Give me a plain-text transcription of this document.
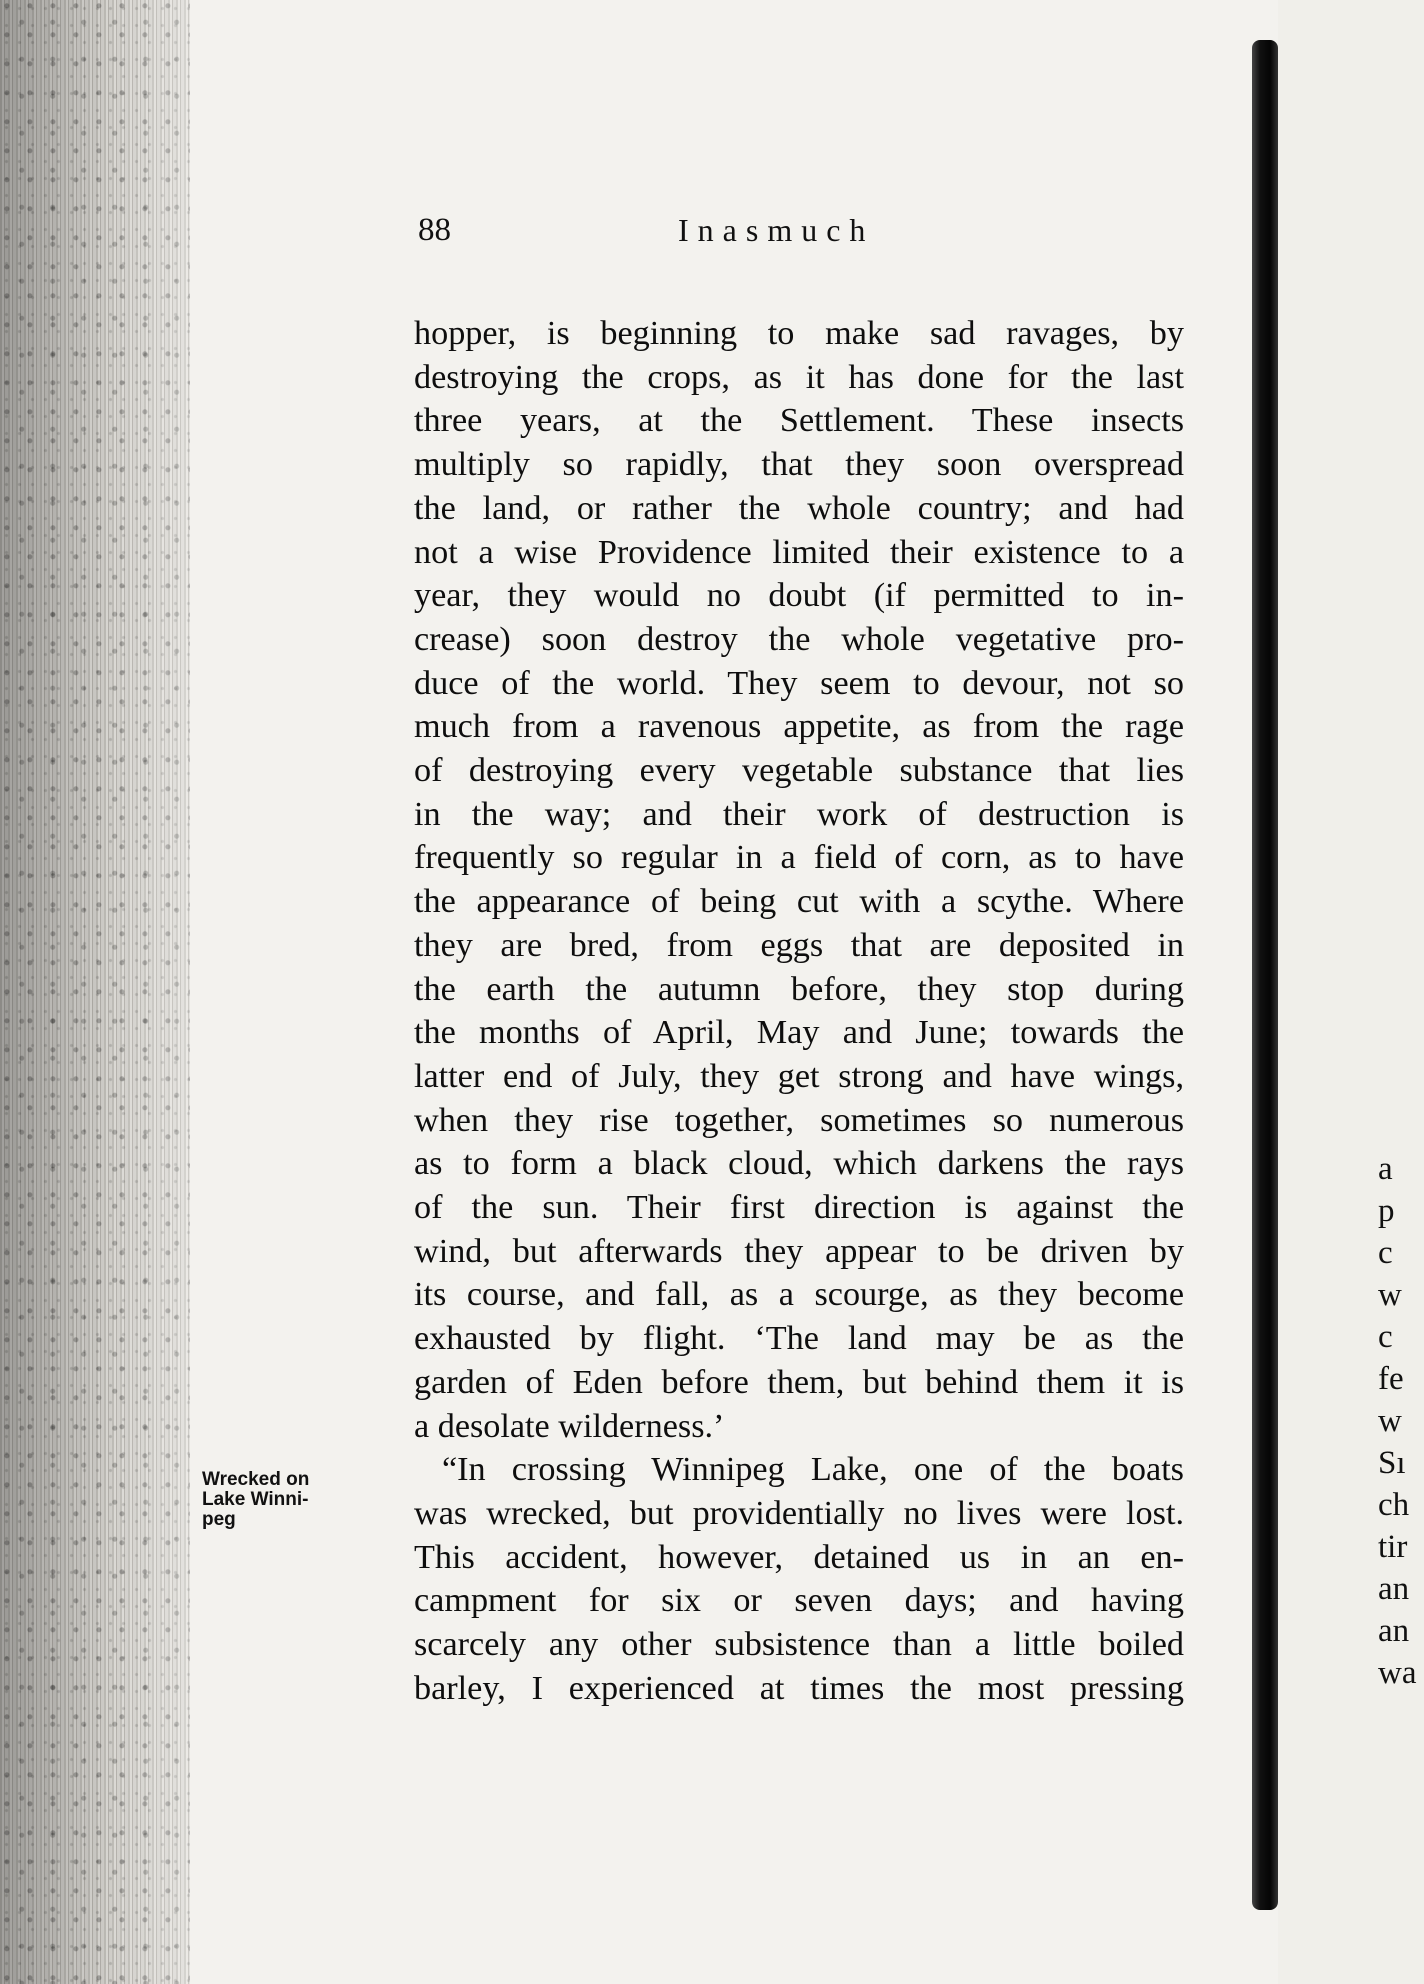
a
p
c
w
c
fe
w
Sı
ch
tir
an
an
wa
88	Inasmuch
Wrecked on
Lake Winni-
peg
hopper, is beginning to make sad ravages, by
destroying the crops, as it has done for the last
three years, at the Settlement. These insects
multiply so rapidly, that they soon overspread
the land, or rather the whole country; and had
not a wise Providence limited their existence to a
year, they would no doubt (if permitted to in-
crease) soon destroy the whole vegetative pro-
duce of the world. They seem to devour, not so
much from a ravenous appetite, as from the rage
of destroying every vegetable substance that lies
in the way; and their work of destruction is
frequently so regular in a field of corn, as to have
the appearance of being cut with a scythe. Where
they are bred, from eggs that are deposited in
the earth the autumn before, they stop during
the months of April, May and June; towards the
latter end of July, they get strong and have wings,
when they rise together, sometimes so numerous
as to form a black cloud, which darkens the rays
of the sun. Their first direction is against the
wind, but afterwards they appear to be driven by
its course, and fall, as a scourge, as they become
exhausted by flight. ‘The land may be as the
garden of Eden before them, but behind them it is
a desolate wilderness.’
“In crossing Winnipeg Lake, one of the boats
was wrecked, but providentially no lives were lost.
This accident, however, detained us in an en-
campment for six or seven days; and having
scarcely any other subsistence than a little boiled
barley, I experienced at times the most pressing
